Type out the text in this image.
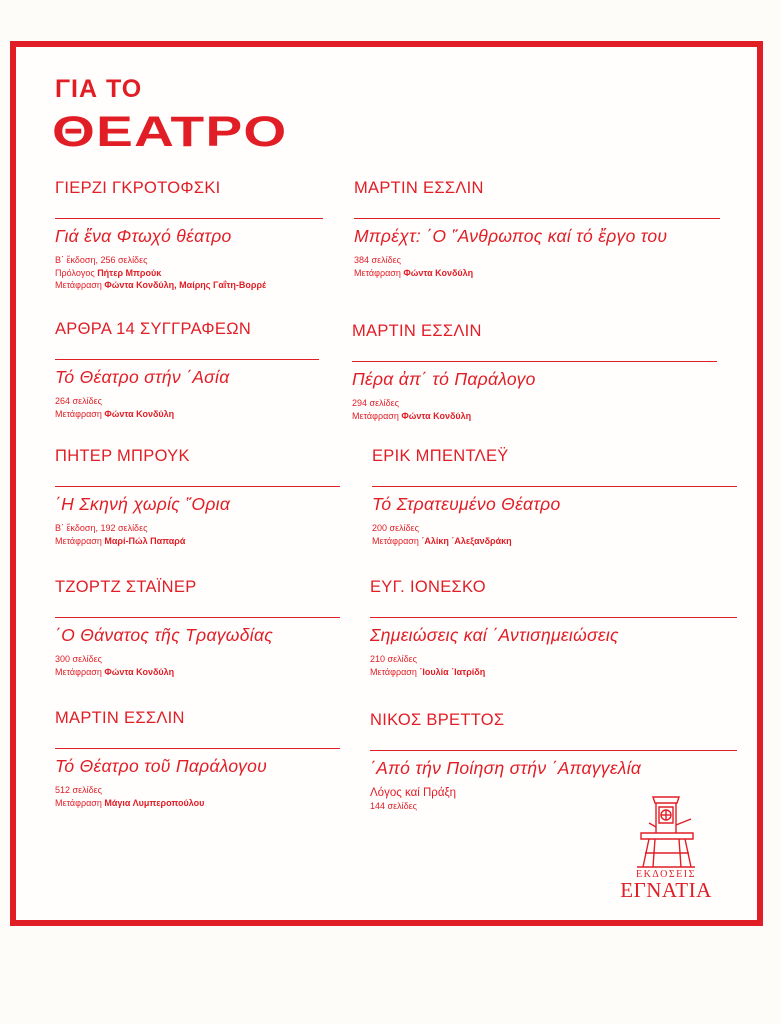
ΓΙΑ ΤΟ
ΘΕΑΤΡΟ
ΓΙΕΡΖΙ ΓΚΡΟΤΟΦΣΚΙ
Γιά ἕνα Φτωχό θέατρο
Β΄ ἔκδοση, 256 σελίδες
Πρόλογος Πήτερ Μπρούκ
Μετάφραση Φώντα Κονδύλη, Μαίρης Γαΐτη-Βορρέ
ΜΑΡΤΙΝ ΕΣΣΛΙΝ
Μπρέχτ: ΄Ο ῞Ανθρωπος καί τό ἔργο του
384 σελίδες
Μετάφραση Φώντα Κονδύλη
ΑΡΘΡΑ 14 ΣΥΓΓΡΑΦΕΩΝ
Τό Θέατρο στήν ΄Ασία
264 σελίδες
Μετάφραση Φώντα Κονδύλη
ΜΑΡΤΙΝ ΕΣΣΛΙΝ
Πέρα ἀπ΄ τό Παράλογο
294 σελίδες
Μετάφραση Φώντα Κονδύλη
ΠΗΤΕΡ ΜΠΡΟΥΚ
΄Η Σκηνή χωρίς ῞Ορια
Β΄ ἔκδοση, 192 σελίδες
Μετάφραση Μαρί-Πώλ Παπαρά
ΕΡΙΚ ΜΠΕΝΤΛΕΫ
Τό Στρατευμένο Θέατρο
200 σελίδες
Μετάφραση ΄Αλίκη ΄Αλεξανδράκη
ΤΖΟΡΤΖ ΣΤΑΪΝΕΡ
΄Ο Θάνατος τῆς Τραγωδίας
300 σελίδες
Μετάφραση Φώντα Κονδύλη
ΕΥΓ. ΙΟΝΕΣΚΟ
Σημειώσεις καί ΄Αντισημειώσεις
210 σελίδες
Μετάφραση ΄Ιουλία ΄Ιατρίδη
ΜΑΡΤΙΝ ΕΣΣΛΙΝ
Τό Θέατρο τοῦ Παράλογου
512 σελίδες
Μετάφραση Μάγια Λυμπεροπούλου
ΝΙΚΟΣ ΒΡΕΤΤΟΣ
΄Από τήν Ποίηση στήν ΄Απαγγελία
Λόγος καί Πράξη
144 σελίδες
ΕΚΔΟΣΕΙΣ
ΕΓΝΑΤΙΑ
